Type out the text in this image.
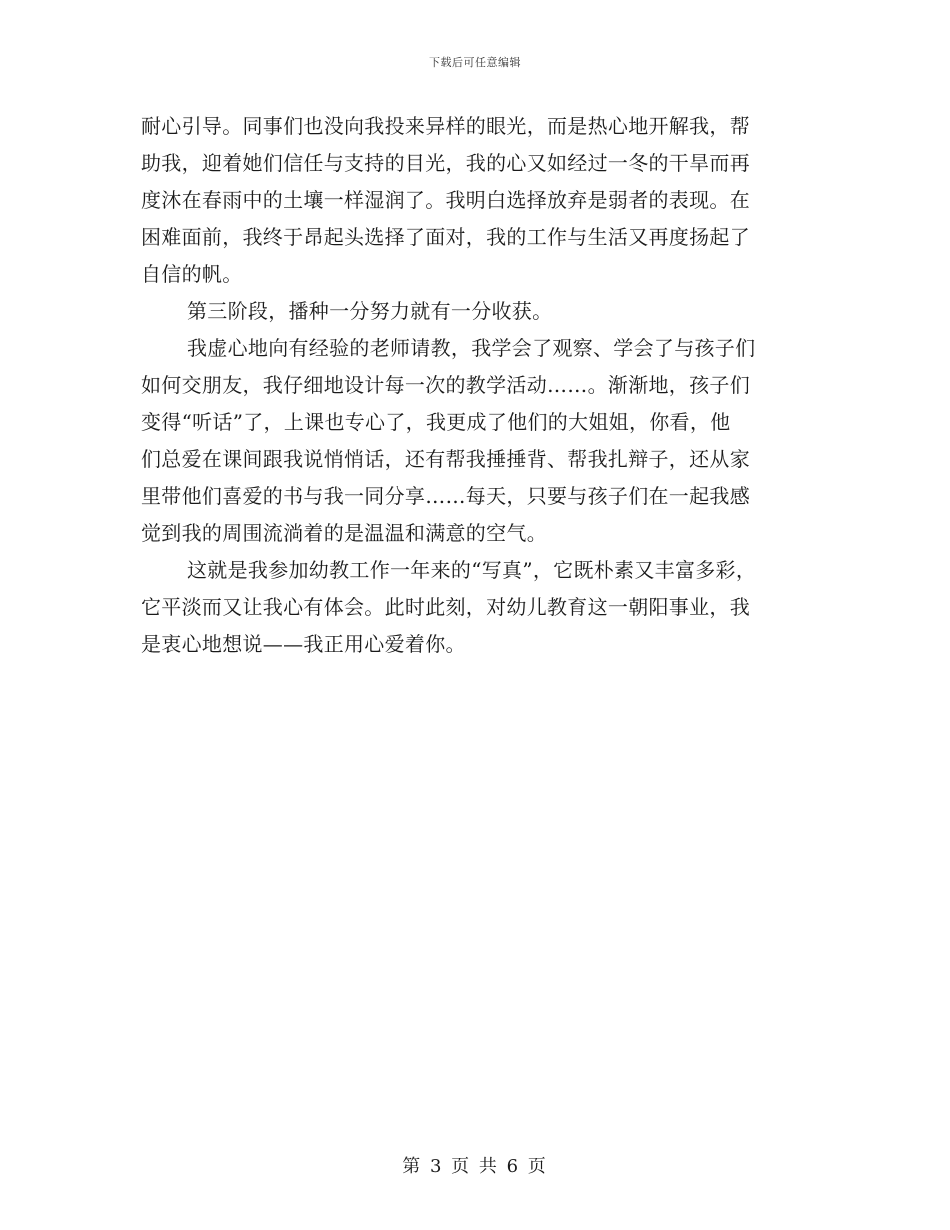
下载后可任意编辑
耐心引导。同事们也没向我投来异样的眼光，而是热心地开解我，帮
助我，迎着她们信任与支持的目光，我的心又如经过一冬的干旱而再
度沐在春雨中的土壤一样湿润了。我明白选择放弃是弱者的表现。在
困难面前，我终于昂起头选择了面对，我的工作与生活又再度扬起了
自信的帆。
第三阶段，播种一分努力就有一分收获。
我虚心地向有经验的老师请教，我学会了观察、学会了与孩子们
如何交朋友，我仔细地设计每一次的教学活动……。渐渐地，孩子们
变得“听话”了，上课也专心了，我更成了他们的大姐姐，你看，他
们总爱在课间跟我说悄悄话，还有帮我捶捶背、帮我扎辩子，还从家
里带他们喜爱的书与我一同分享……每天，只要与孩子们在一起我感
觉到我的周围流淌着的是温温和满意的空气。
这就是我参加幼教工作一年来的“写真”，它既朴素又丰富多彩，
它平淡而又让我心有体会。此时此刻，对幼儿教育这一朝阳事业，我
是衷心地想说——我正用心爱着你。
第 3 页 共 6 页
